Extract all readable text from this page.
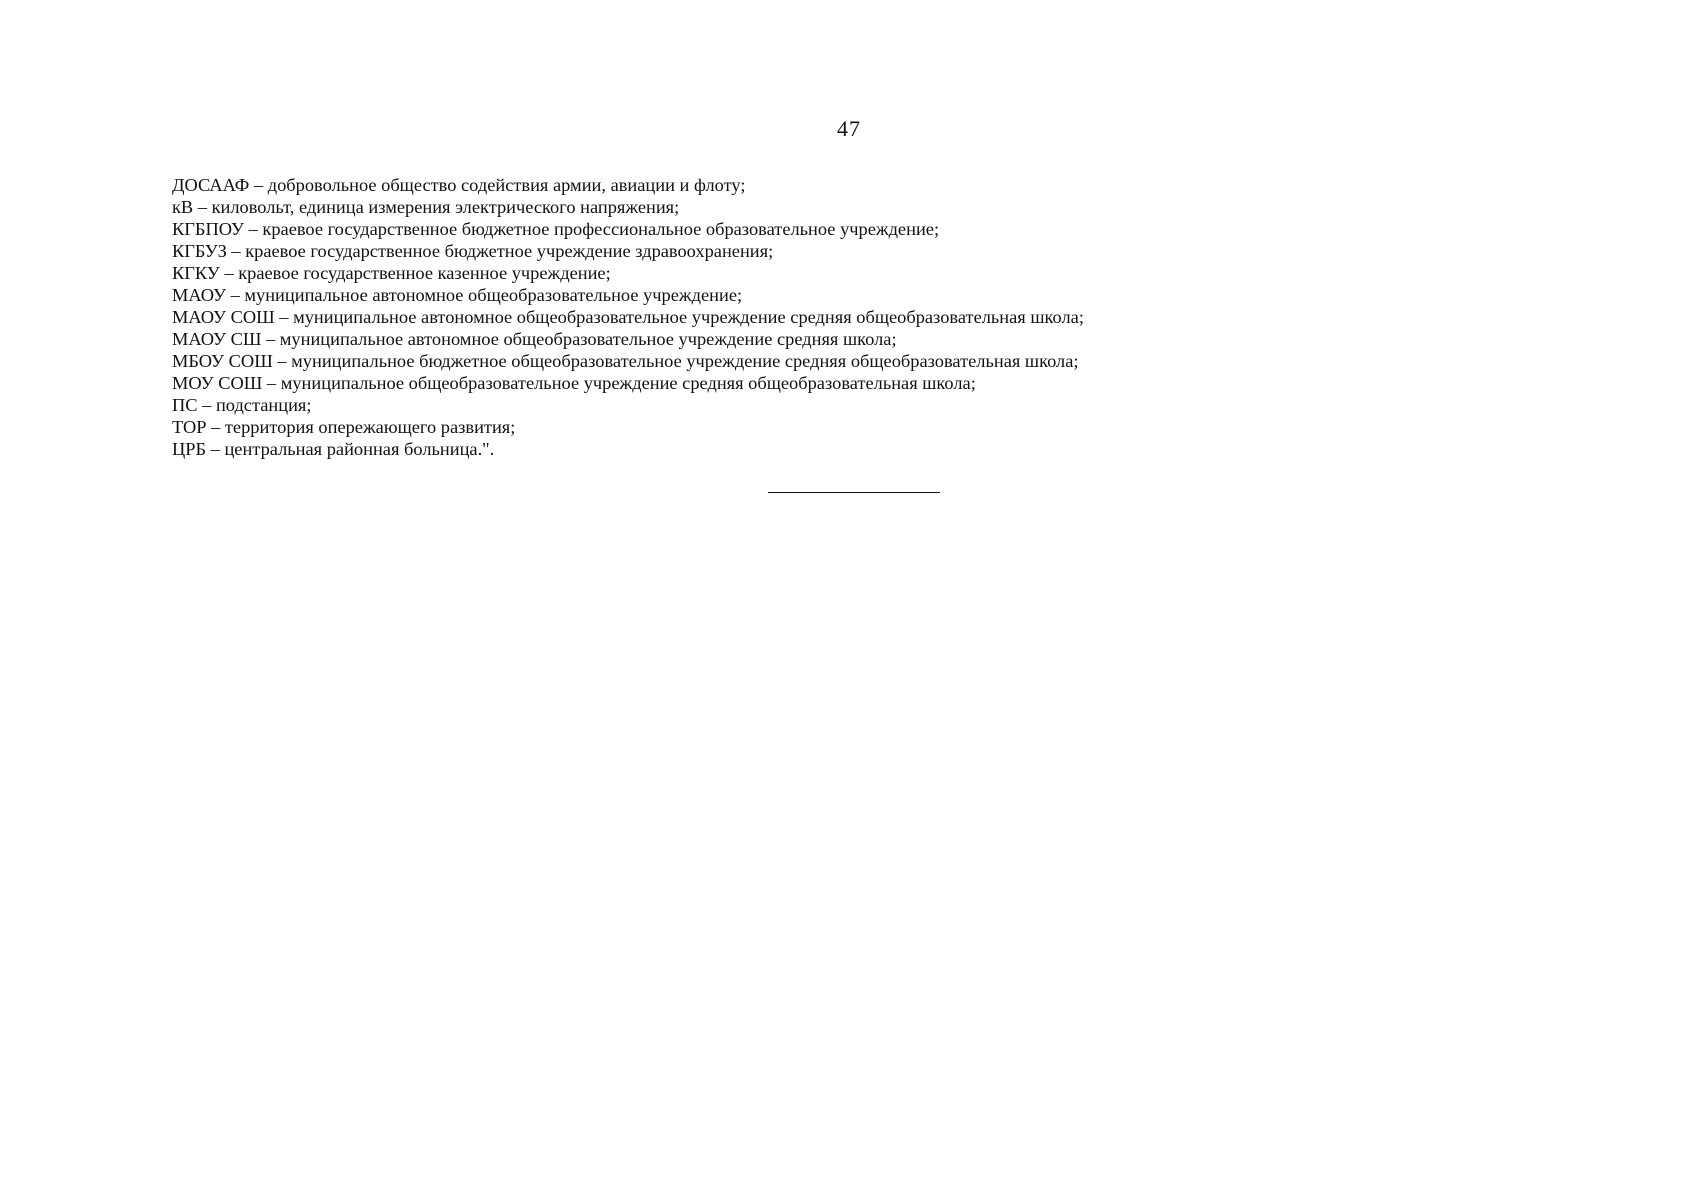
47
ДОСААФ – добровольное общество содействия армии, авиации и флоту;
кВ – киловольт, единица измерения электрического напряжения;
КГБПОУ – краевое государственное бюджетное профессиональное образовательное учреждение;
КГБУЗ – краевое государственное бюджетное учреждение здравоохранения;
КГКУ – краевое государственное казенное учреждение;
МАОУ – муниципальное автономное общеобразовательное учреждение;
МАОУ СОШ – муниципальное автономное общеобразовательное учреждение средняя общеобразовательная школа;
МАОУ СШ – муниципальное автономное общеобразовательное учреждение средняя школа;
МБОУ СОШ – муниципальное бюджетное общеобразовательное учреждение средняя общеобразовательная школа;
МОУ СОШ – муниципальное общеобразовательное учреждение средняя общеобразовательная школа;
ПС – подстанция;
ТОР – территория опережающего развития;
ЦРБ – центральная районная больница.".
